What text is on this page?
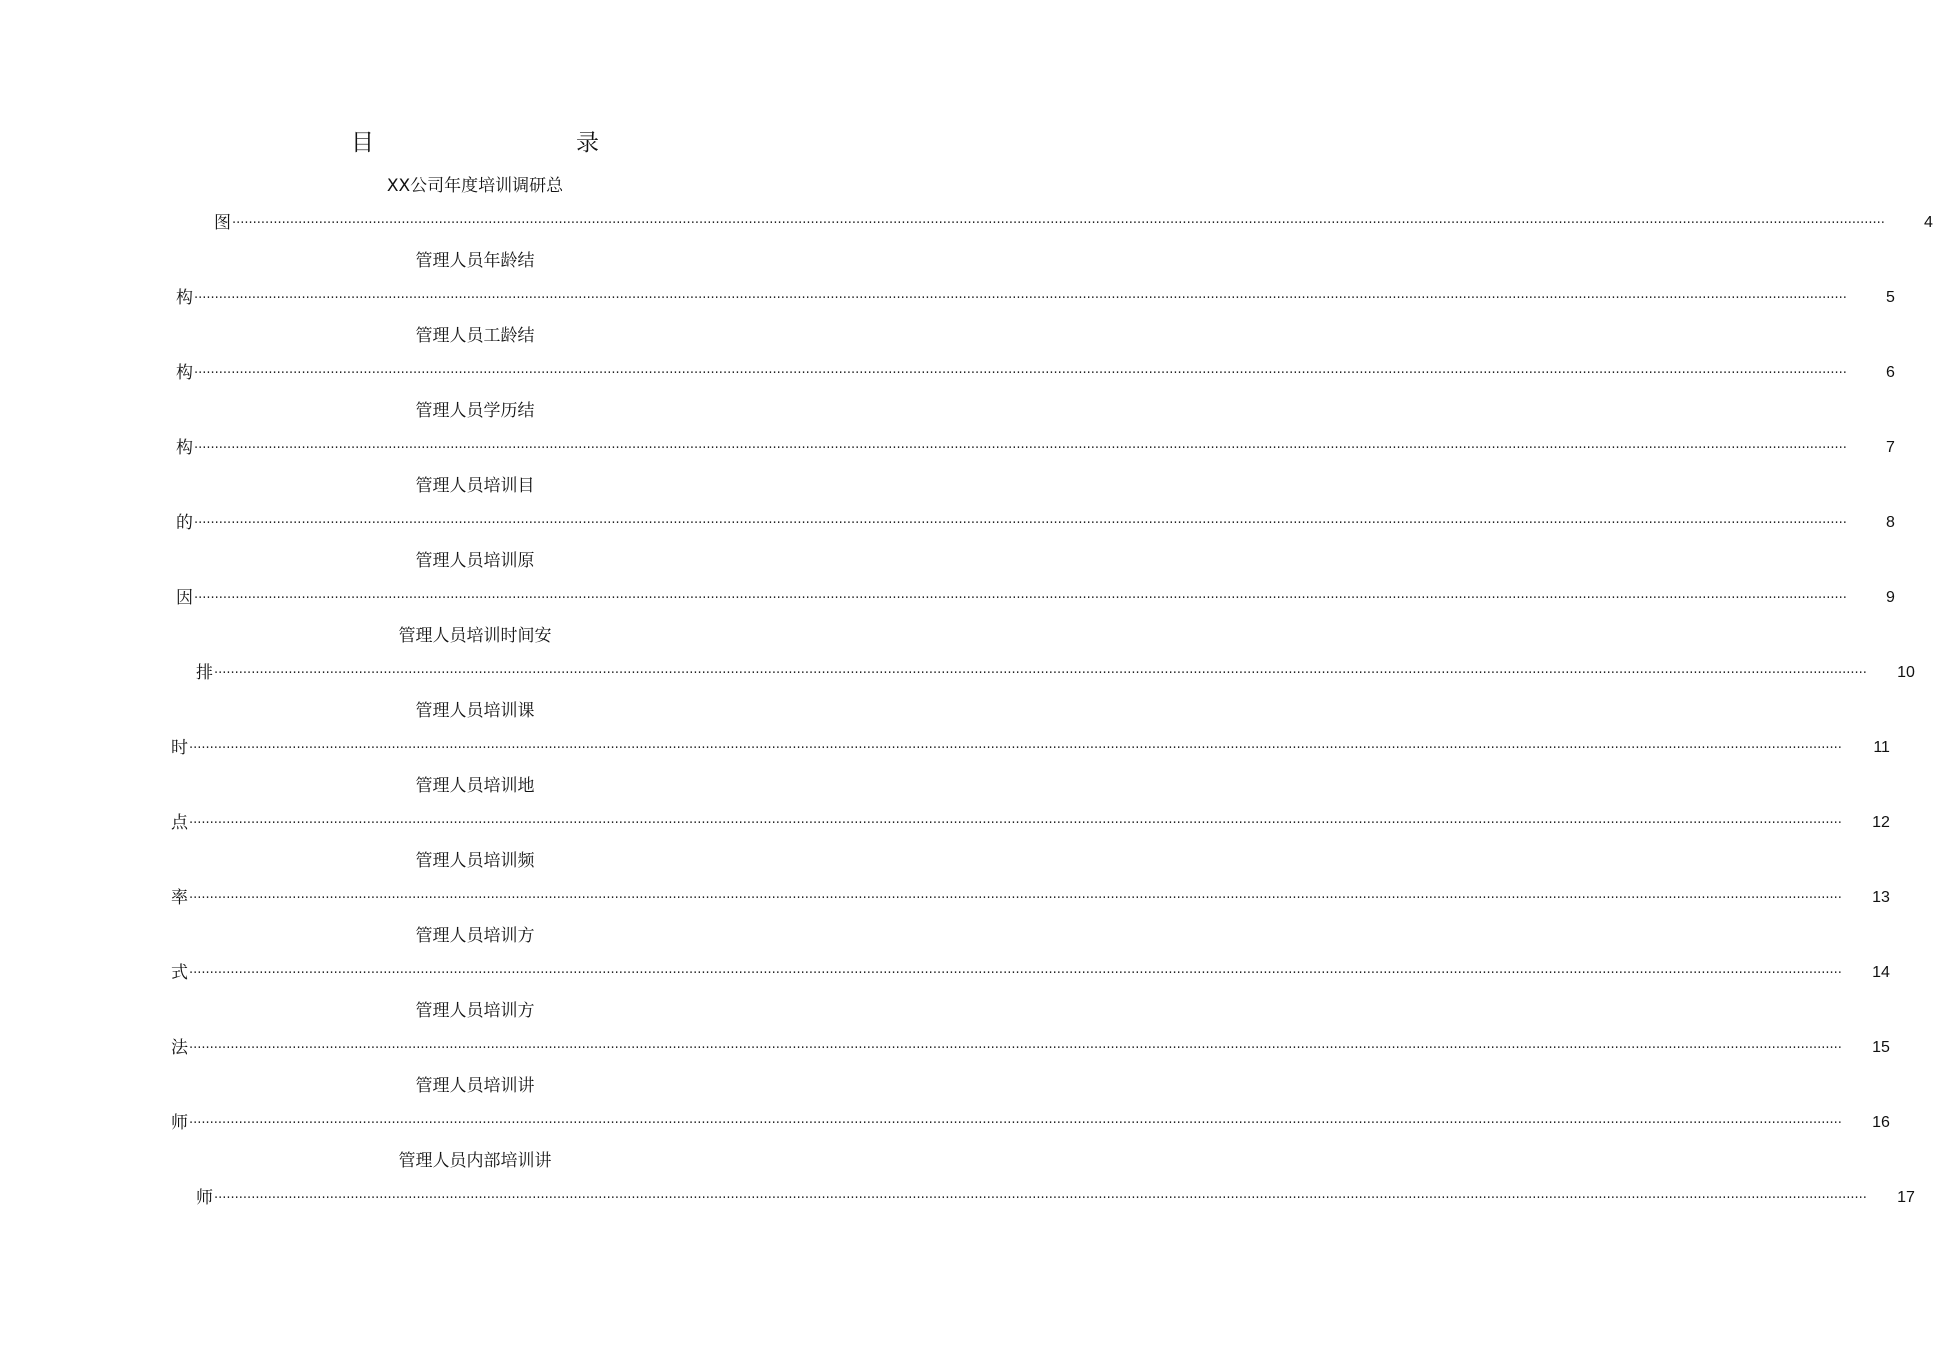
目　　录
XX公司年度培训调研总
图 ················································································································································································································································································································································································································	4
管理人员年龄结
构 ················································································································································································································································································································································································································	5
管理人员工龄结
构 ················································································································································································································································································································································································································	6
管理人员学历结
构 ················································································································································································································································································································································································································	7
管理人员培训目
的 ················································································································································································································································································································································································································	8
管理人员培训原
因 ················································································································································································································································································································································································································	9
管理人员培训时间安
排 ················································································································································································································································································································································································································	10
管理人员培训课
时 ················································································································································································································································································································································································································	11
管理人员培训地
点 ················································································································································································································································································································································································································	12
管理人员培训频
率 ················································································································································································································································································································································································································	13
管理人员培训方
式 ················································································································································································································································································································································································································	14
管理人员培训方
法 ················································································································································································································································································································································································································	15
管理人员培训讲
师 ················································································································································································································································································································································································································	16
管理人员内部培训讲
师 ················································································································································································································································································································································································································	17
